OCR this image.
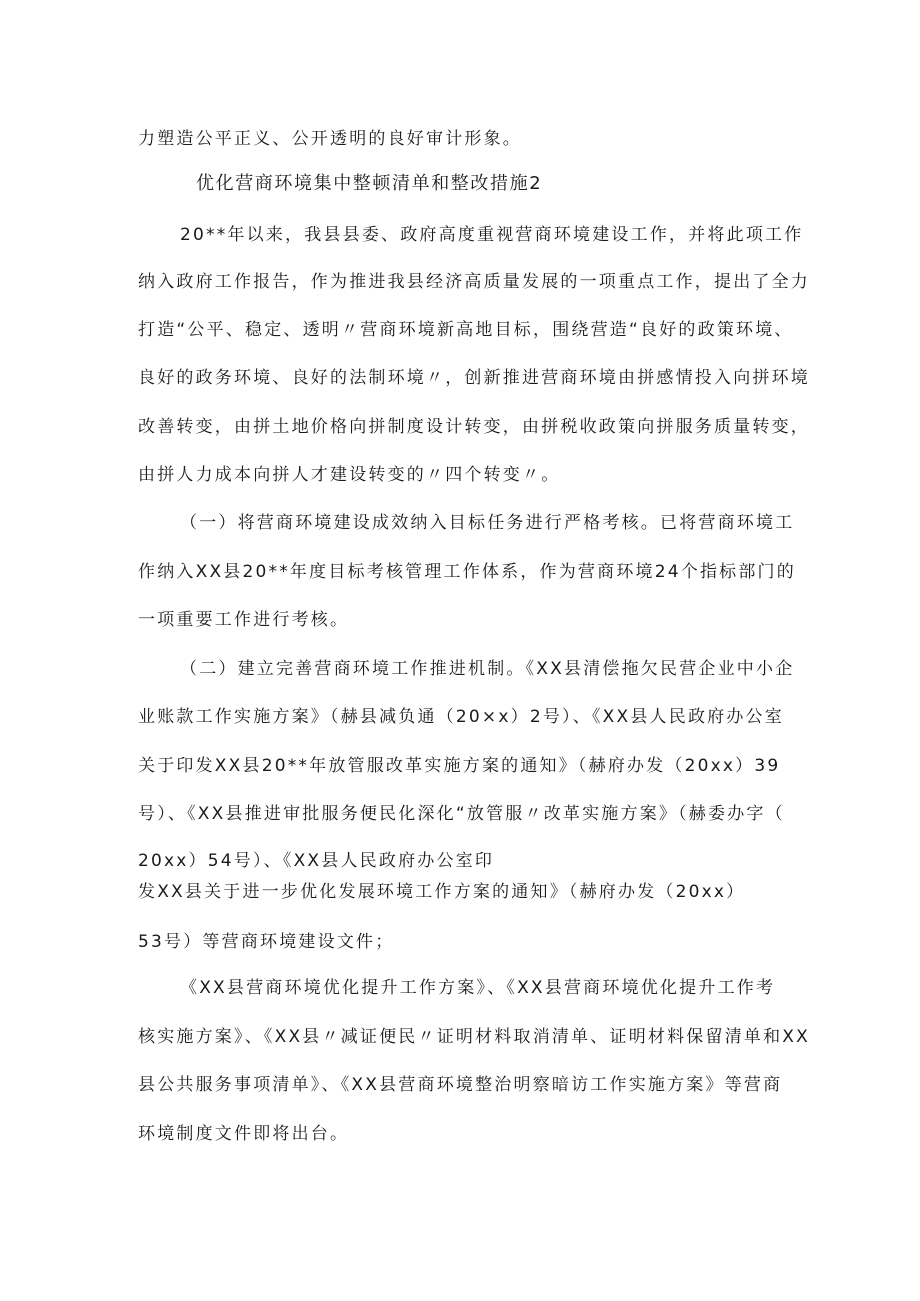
力塑造公平正义、公开透明的良好审计形象。
优化营商环境集中整顿清单和整改措施2
20**年以来，我县县委、政府高度重视营商环境建设工作，并将此项工作
纳入政府工作报告，作为推进我县经济高质量发展的一项重点工作，提出了全力
打造“公平、稳定、透明〃营商环境新高地目标，围绕营造“良好的政策环境、
良好的政务环境、良好的法制环境〃，创新推进营商环境由拼感情投入向拼环境
改善转变，由拼土地价格向拼制度设计转变，由拼税收政策向拼服务质量转变，
由拼人力成本向拼人才建设转变的〃四个转变〃。
（一）将营商环境建设成效纳入目标任务进行严格考核。已将营商环境工
作纳入XX县20**年度目标考核管理工作体系，作为营商环境24个指标部门的
一项重要工作进行考核。
（二）建立完善营商环境工作推进机制。《XX县清偿拖欠民营企业中小企
业账款工作实施方案》（赫县减负通（20×x）2号）、《XX县人民政府办公室
关于印发XX县20**年放管服改革实施方案的通知》（赫府办发（20xx）39
号）、《XX县推进审批服务便民化深化“放管服〃改革实施方案》（赫委办字（
20xx）54号）、《XX县人民政府办公室印
发XX县关于进一步优化发展环境工作方案的通知》（赫府办发（20xx）
53号）等营商环境建设文件；
《XX县营商环境优化提升工作方案》、《XX县营商环境优化提升工作考
核实施方案》、《XX县〃减证便民〃证明材料取消清单、证明材料保留清单和XX
县公共服务事项清单》、《XX县营商环境整治明察暗访工作实施方案》等营商
环境制度文件即将出台。
